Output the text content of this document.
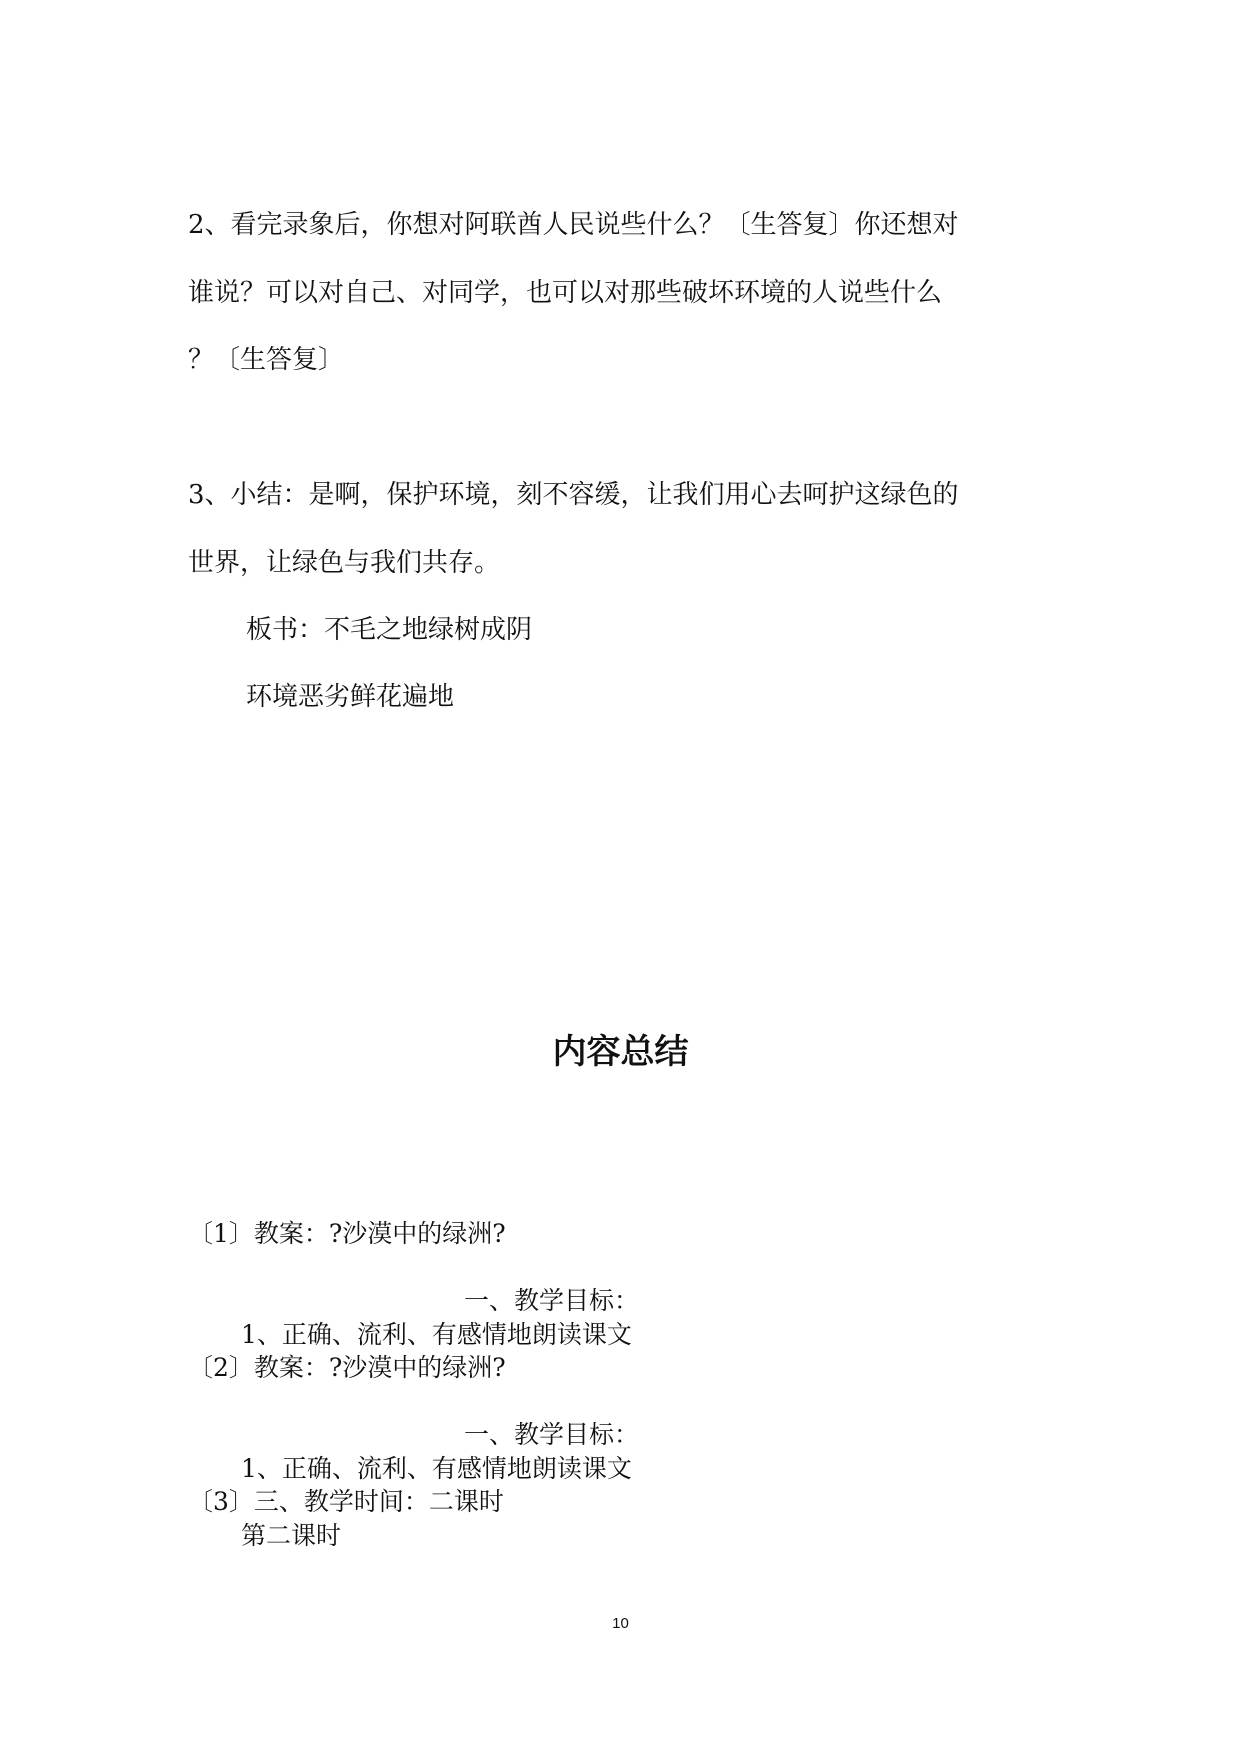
2、看完录象后，你想对阿联酋人民说些什么？〔生答复〕你还想对
谁说？可以对自己、对同学，也可以对那些破坏环境的人说些什么
？〔生答复〕
3、小结：是啊，保护环境，刻不容缓，让我们用心去呵护这绿色的
世界，让绿色与我们共存。
板书：不毛之地绿树成阴
环境恶劣鲜花遍地
内容总结
〔1〕教案：?沙漠中的绿洲?
一、教学目标：
1、正确、流利、有感情地朗读课文
〔2〕教案：?沙漠中的绿洲?
一、教学目标：
1、正确、流利、有感情地朗读课文
〔3〕三、教学时间：二课时
第二课时
10
